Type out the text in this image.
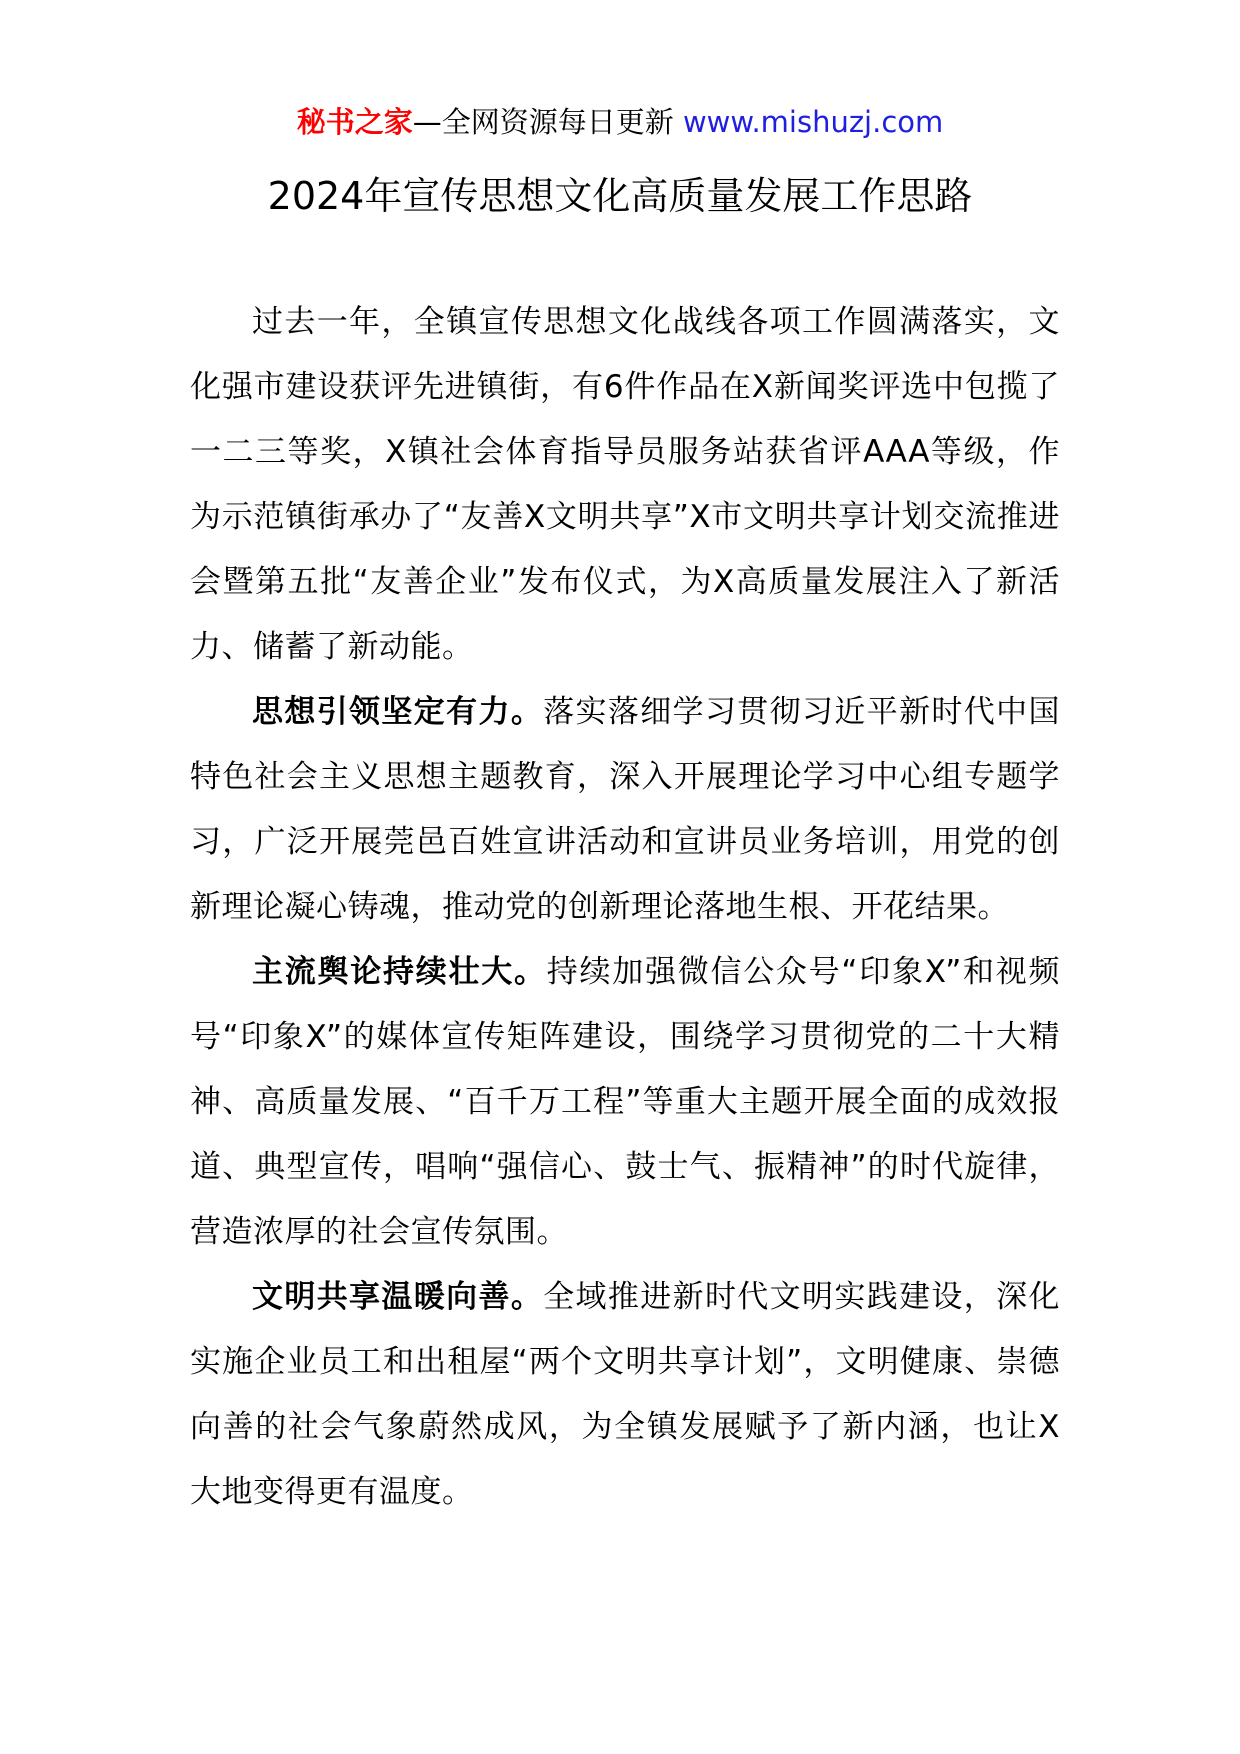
秘书之家—全网资源每日更新 www.mishuzj.com
2024年宣传思想文化高质量发展工作思路

过去一年，全镇宣传思想文化战线各项工作圆满落实，文化强市建设获评先进镇街，有6件作品在X新闻奖评选中包揽了一二三等奖，X镇社会体育指导员服务站获省评AAA等级，作为示范镇街承办了“友善X文明共享”X市文明共享计划交流推进会暨第五批“友善企业”发布仪式，为X高质量发展注入了新活力、储蓄了新动能。

思想引领坚定有力。落实落细学习贯彻习近平新时代中国特色社会主义思想主题教育，深入开展理论学习中心组专题学习，广泛开展莞邑百姓宣讲活动和宣讲员业务培训，用党的创新理论凝心铸魂，推动党的创新理论落地生根、开花结果。

主流舆论持续壮大。持续加强微信公众号“印象X”和视频号“印象X”的媒体宣传矩阵建设，围绕学习贯彻党的二十大精神、高质量发展、“百千万工程”等重大主题开展全面的成效报道、典型宣传，唱响“强信心、鼓士气、振精神”的时代旋律，营造浓厚的社会宣传氛围。

文明共享温暖向善。全域推进新时代文明实践建设，深化实施企业员工和出租屋“两个文明共享计划”，文明健康、崇德向善的社会气象蔚然成风，为全镇发展赋予了新内涵，也让X大地变得更有温度。
